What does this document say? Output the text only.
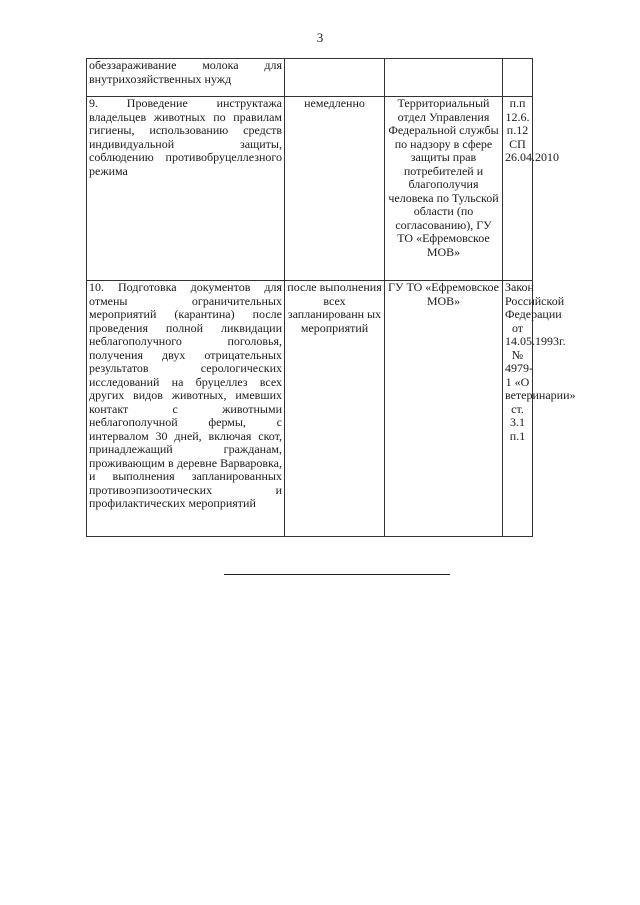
3
обеззараживание молока для внутрихозяйственных нужд			
9. Проведение инструктажа владельцев животных по правилам гигиены, использованию средств индивидуальной защиты, соблюдению противобруцеллезного режима	немедленно	Территориальный отдел Управления Федеральной службы по надзору в сфере защиты прав потребителей и благополучия человека по Тульской области (по согласованию), ГУ ТО «Ефремовское МОВ»	п.п 12.6. п.12 СП 26.04.2010
10. Подготовка документов для отмены ограничительных мероприятий (карантина) после проведения полной ликвидации неблагополучного поголовья, получения двух отрицательных результатов серологических исследований на бруцеллез всех других видов животных, имевших контакт с животными неблагополучной фермы, с интервалом 30 дней, включая скот, принадлежащий гражданам, проживающим в деревне Варваровка, и выполнения запланированных противоэпизоотических и профилактических мероприятий	после выполнения всех запланированн ых мероприятий	ГУ ТО «Ефремовское МОВ»	Закон Российской Федерации от 14.05.1993г. № 4979-1 «О ветеринарии» ст. 3.1 п.1
